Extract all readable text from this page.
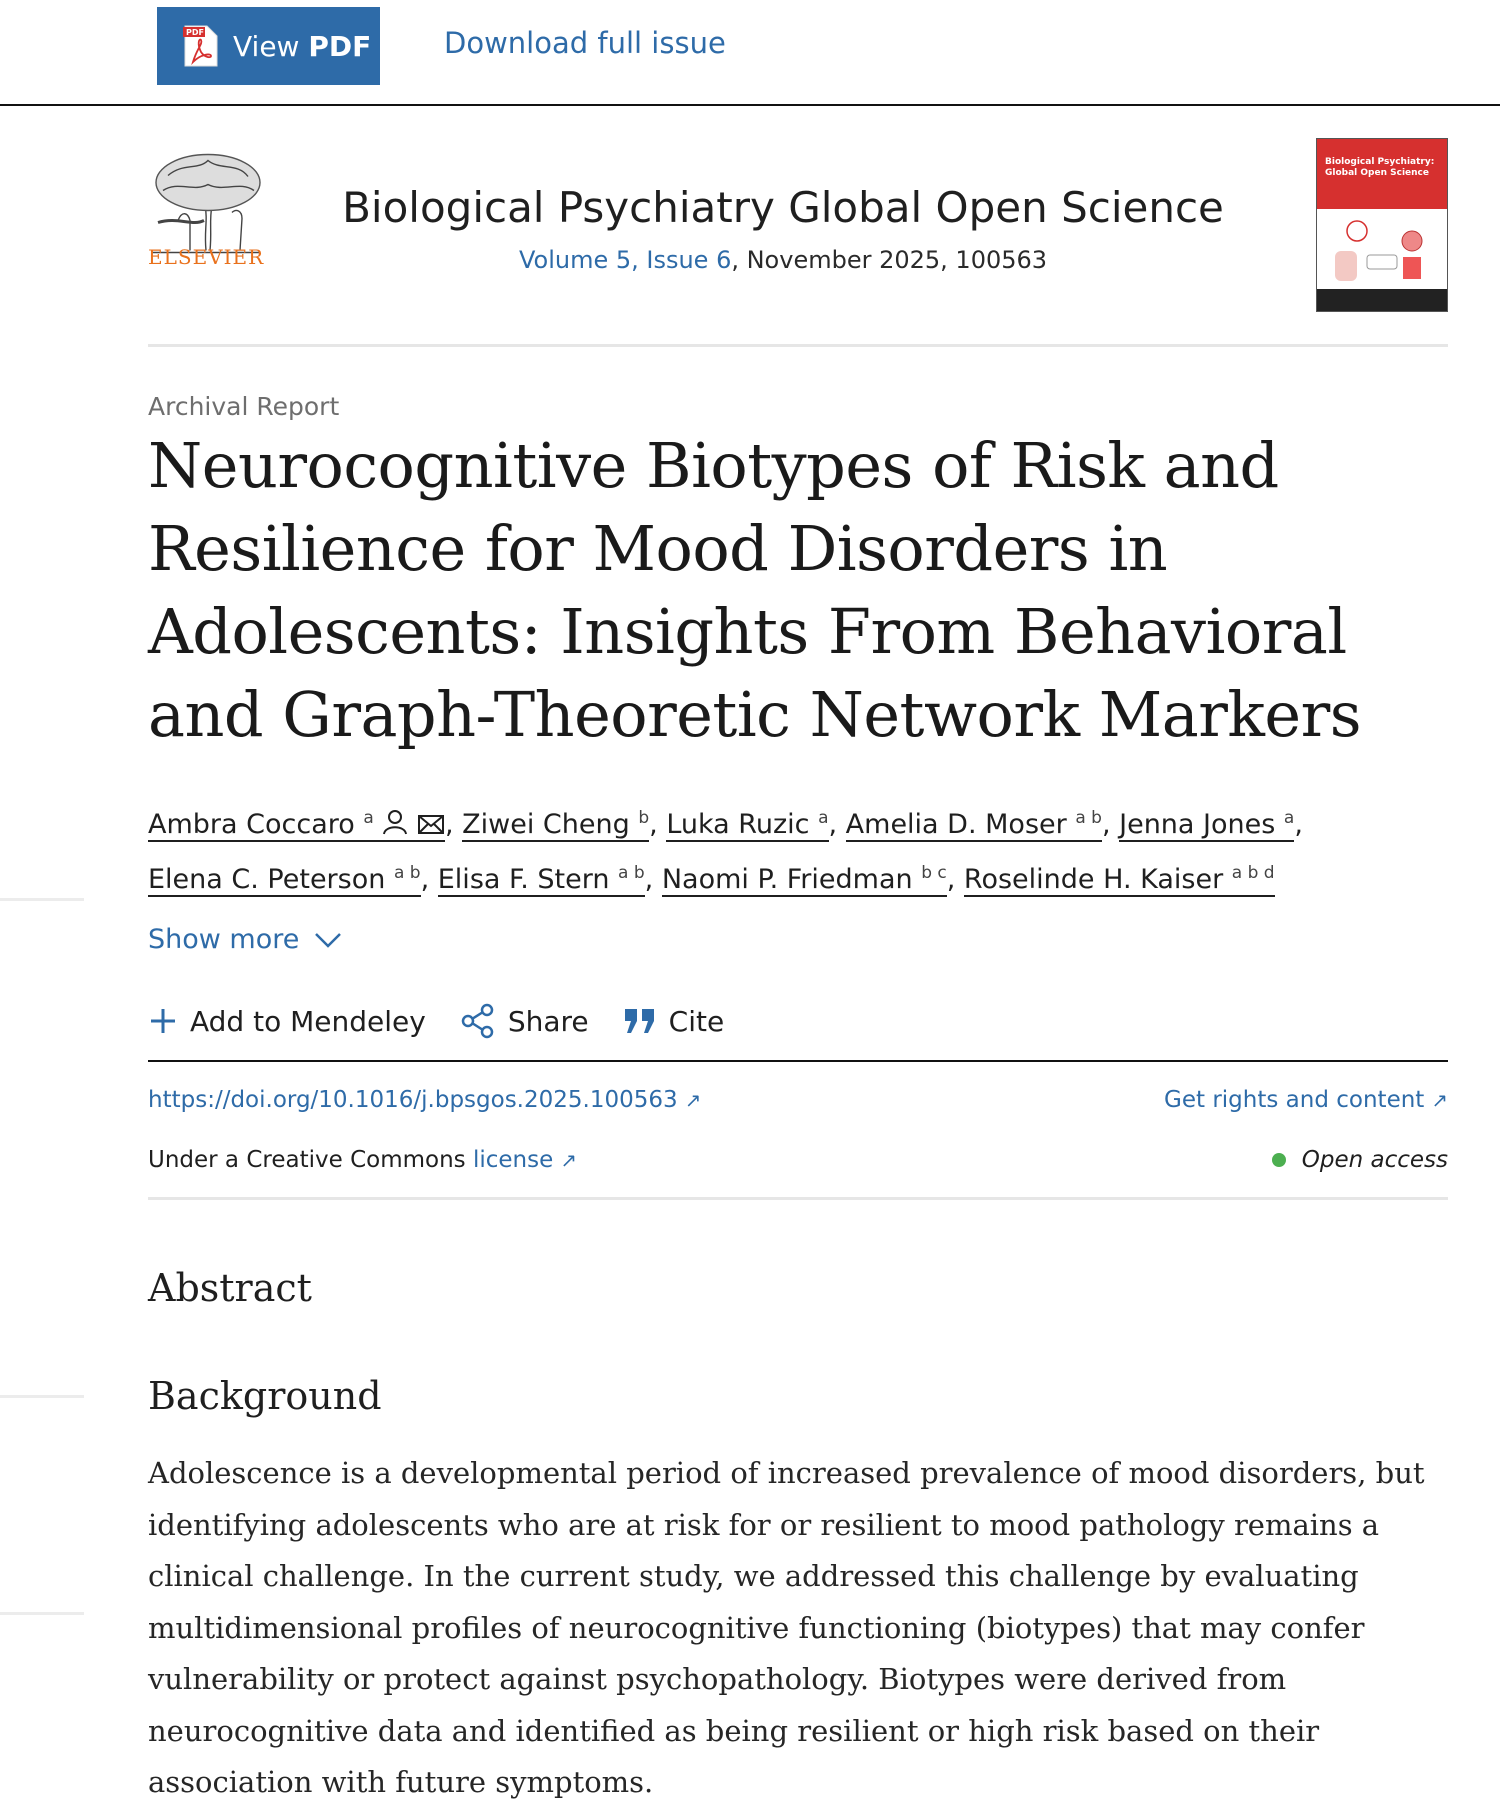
PDF View PDF	Download full issue
ELSEVIER
Biological Psychiatry Global Open Science
Volume 5, Issue 6, November 2025, 100563
Biological Psychiatry: Global Open Science
Archival Report
Neurocognitive Biotypes of Risk and Resilience for Mood Disorders in Adolescents: Insights From Behavioral and Graph-Theoretic Network Markers
Ambra Coccaro $^a$	, Ziwei Cheng $^b$, Luka Ruzic $^a$, Amelia D. Moser $^{a b}$, Jenna Jones $^a$,
Elena C. Peterson $^{a b}$, Elisa F. Stern $^{a b}$, Naomi P. Friedman $^{b c}$, Roselinde H. Kaiser $^{a b d}$
Show more
Add to Mendeley	Share	Cite
https://doi.org/10.1016/j.bpsgos.2025.100563 ↗	Get rights and content ↗
Under a Creative Commons license ↗	Open access
Abstract
Background

Adolescence is a developmental period of increased prevalence of mood disorders, but identifying adolescents who are at risk for or resilient to mood pathology remains a clinical challenge. In the current study, we addressed this challenge by evaluating multidimensional profiles of neurocognitive functioning (biotypes) that may confer vulnerability or protect against psychopathology. Biotypes were derived from neurocognitive data and identified as being resilient or high risk based on their association with future symptoms.
